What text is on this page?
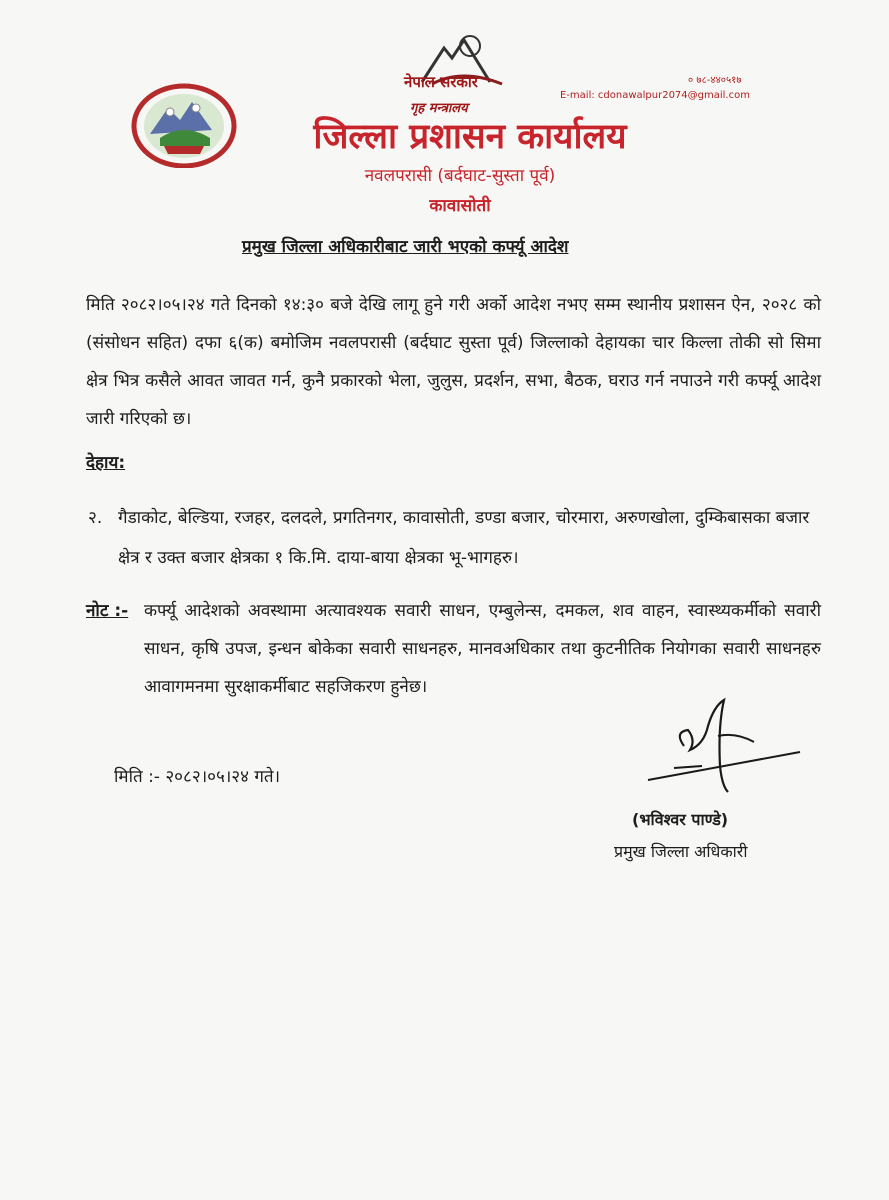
नेपाल सरकार
गृह मन्त्रालय
० ७८-४४०५१७
E-mail: cdonawalpur2074@gmail.com
जिल्ला प्रशासन कार्यालय
नवलपरासी (बर्दघाट-सुस्ता पूर्व)
कावासोती
प्रमुख जिल्ला अधिकारीबाट जारी भएको कर्फ्यू आदेश
मिति २०८२।०५।२४ गते दिनको १४:३० बजे देखि लागू हुने गरी अर्को आदेश नभए सम्म स्थानीय प्रशासन ऐन, २०२८ को (संसोधन सहित) दफा ६(क) बमोजिम नवलपरासी (बर्दघाट सुस्ता पूर्व) जिल्लाको देहायका चार किल्ला तोकी सो सिमा क्षेत्र भित्र कसैले आवत जावत गर्न, कुनै प्रकारको भेला, जुलुस, प्रदर्शन, सभा, बैठक, घराउ गर्न नपाउने गरी कर्फ्यू आदेश जारी गरिएको छ।
देहाय:
२. गैडाकोट, बेल्डिया, रजहर, दलदले, प्रगतिनगर, कावासोती, डण्डा बजार, चोरमारा, अरुणखोला, दुम्किबासका बजार क्षेत्र र उक्त बजार क्षेत्रका १ कि.मि. दाया-बाया क्षेत्रका भू-भागहरु।
नोट :- कर्फ्यू आदेशको अवस्थामा अत्यावश्यक सवारी साधन, एम्बुलेन्स, दमकल, शव वाहन, स्वास्थ्यकर्मीको सवारी साधन, कृषि उपज, इन्धन बोकेका सवारी साधनहरु, मानवअधिकार तथा कुटनीतिक नियोगका सवारी साधनहरु आवागमनमा सुरक्षाकर्मीबाट सहजिकरण हुनेछ।
मिति :- २०८२।०५।२४ गते।
(भविश्वर पाण्डे)
प्रमुख जिल्ला अधिकारी
